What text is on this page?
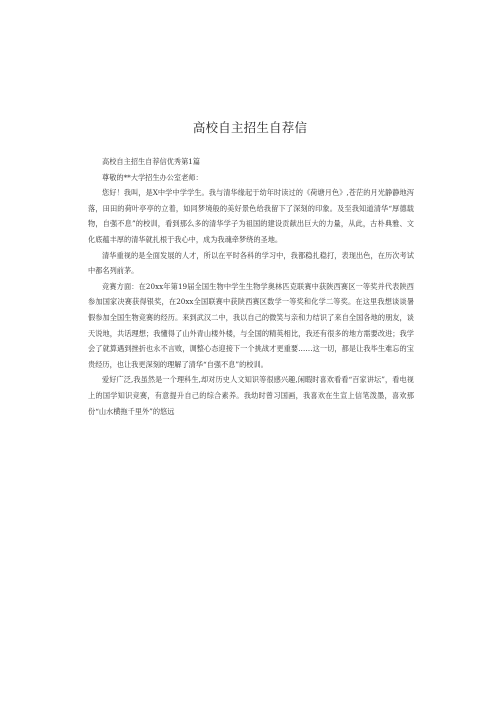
高校自主招生自荐信

高校自主招生自荐信优秀第1篇

尊敬的**大学招生办公室老师：

您好！我叫，是X中学中学学生。我与清华缘起于幼年时读过的《荷塘月色》,苍茫的月光静静地泻落，田田的荷叶亭亭的立着，如同梦境般的美好景色给我留下了深刻的印象。及至我知道清华“厚德载物，自强不息”的校训，看到那么多的清华学子为祖国的建设贡献出巨大的力量，从此，古朴典雅、文化底蕴丰厚的清华就扎根于我心中，成为我魂牵梦绕的圣地。

清华重视的是全面发展的人才，所以在平时各科的学习中，我都稳扎稳打，表现出色，在历次考试中都名列前茅。

竞赛方面：在20xx年第19届全国生物中学生生物学奥林匹克联赛中获陕西赛区一等奖并代表陕西参加国家决赛获得银奖，在20xx全国联赛中获陕西赛区数学一等奖和化学二等奖。在这里我想谈谈暑假参加全国生物竞赛的经历。来到武汉二中，我以自己的微笑与亲和力结识了来自全国各地的朋友，谈天说地，共话理想；我懂得了山外青山楼外楼，与全国的精英相比，我还有很多的地方需要改进；我学会了就算遇到挫折也永不言败，调整心态迎接下一个挑战才更重要……这一切，都是让我毕生难忘的宝贵经历，也让我更深刻的理解了清华“自强不息”的校训。

爱好广泛,我虽然是一个理科生,却对历史人文知识等很感兴趣,闲暇时喜欢看看“百家讲坛”，看电视上的国学知识竞赛，有意提升自己的综合素养。我幼时曾习国画，我喜欢在生宣上信笔泼墨，喜欢那份“山水横拖千里外”的悠远
